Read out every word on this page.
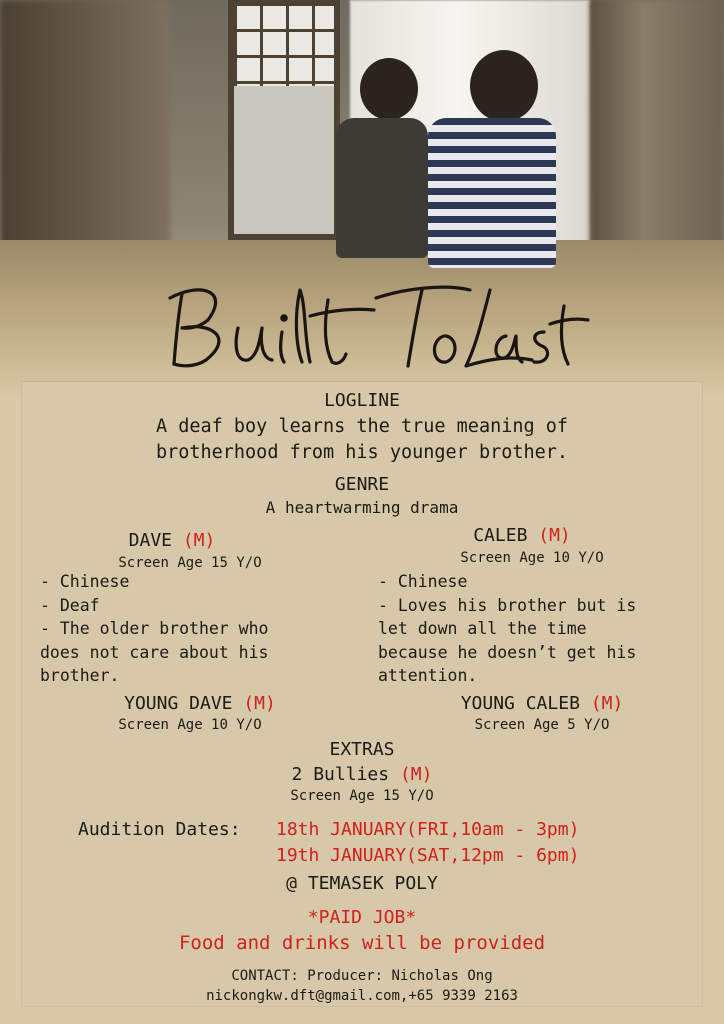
LOGLINE
A deaf boy learns the true meaning of
brotherhood from his younger brother.
GENRE
A heartwarming drama
DAVE (M)
Screen Age 15 Y/O
- Chinese
- Deaf
- The older brother who
does not care about his
brother.
CALEB (M)
Screen Age 10 Y/O
- Chinese
- Loves his brother but is
let down all the time
because he doesn’t get his
attention.
YOUNG DAVE (M)
Screen Age 10 Y/O
YOUNG CALEB (M)
Screen Age 5 Y/O
EXTRAS
2 Bullies (M)
Screen Age 15 Y/O
Audition Dates: 18th JANUARY(FRI,10am - 3pm)
19th JANUARY(SAT,12pm - 6pm)
@ TEMASEK POLY
*PAID JOB*
Food and drinks will be provided
CONTACT: Producer: Nicholas Ong
nickongkw.dft@gmail.com,+65 9339 2163
